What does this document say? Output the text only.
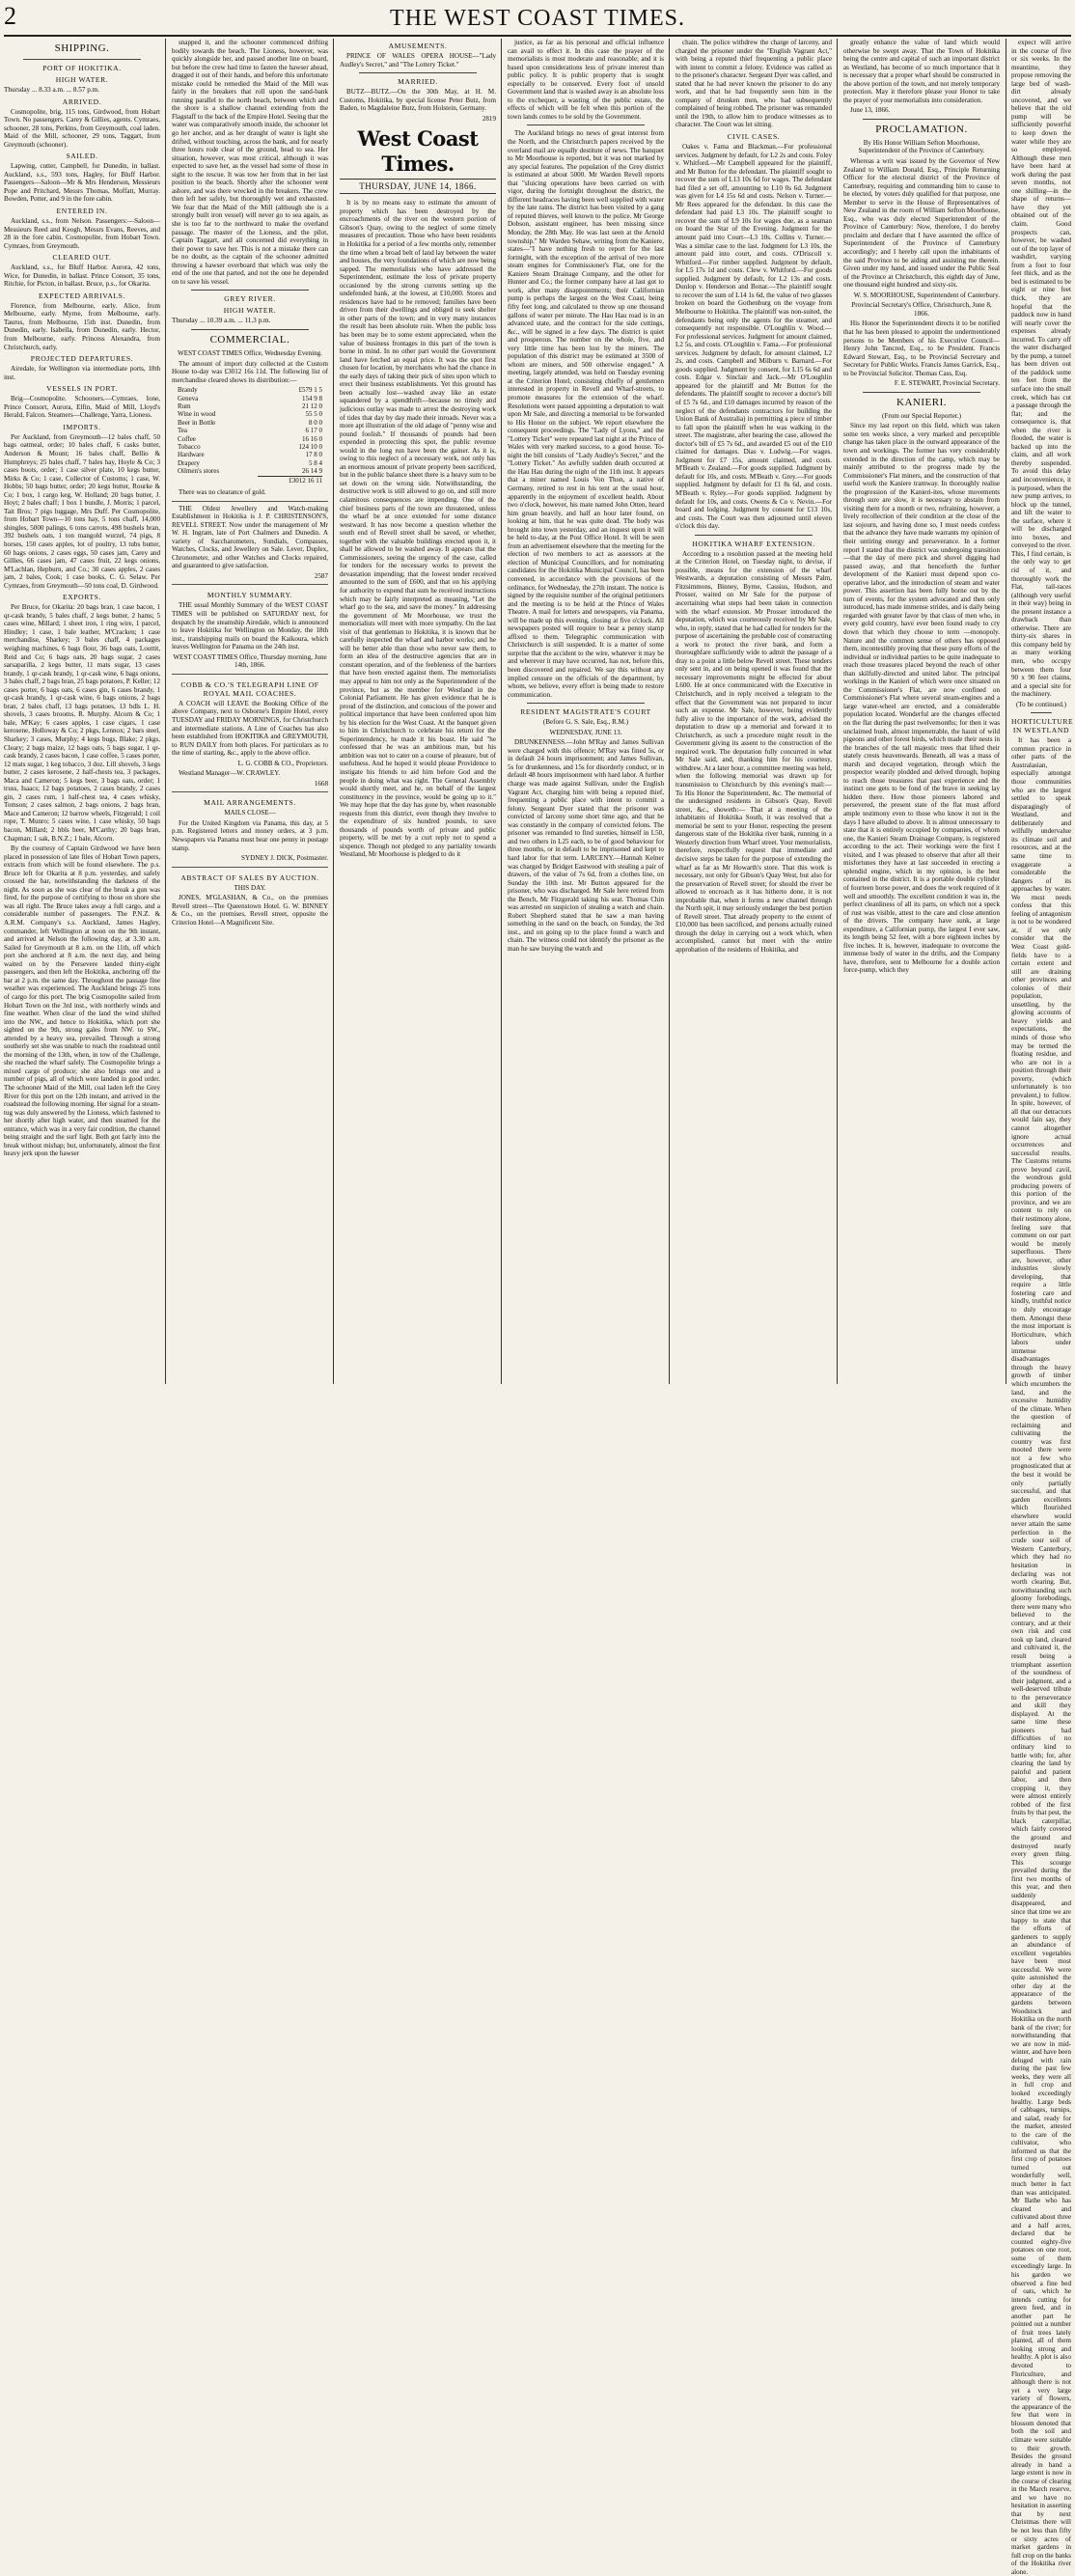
2	THE WEST COAST TIMES.
SHIPPING.
PORT OF HOKITIKA.
HIGH WATER.

Thursday ... 8.33 a.m. ... 8.57 p.m.

ARRIVED.

Cosmopolite, brig, 115 tons, Girdwood, from Hobart Town. No passengers. Carey & Gillies, agents. Cymraes, schooner, 28 tons, Perkins, from Greymouth, coal laden. Maid of the Mill, schooner, 29 tons, Taggart, from Greymouth (schooner).

SAILED.

Lapwing, cutter, Campbell, for Dunedin, in ballast. Auckland, s.s., 593 tons, Hagley, for Bluff Harbor. Passengers—Saloon—Mr & Mrs Henderson, Messieurs Pope and Pritchard, Messrs Thomas, Moffatt, Murray. Bowden, Potter, and 9 in the fore cabin.

ENTERED IN.

Auckland, s.s., from Nelson. Passengers:—Saloon—Messieurs Reed and Keogh, Messrs Evans, Reeves, and 28 in the fore cabin. Cosmopolite, from Hobart Town. Cymraes, from Greymouth.

CLEARED OUT.

Auckland, s.s., for Bluff Harbor. Aurora, 42 tons, Wice, for Dunedin, in ballast. Prince Consort, 35 tons, Ritchie, for Picton, in ballast. Bruce, p.s., for Okarita.

EXPECTED ARRIVALS.

Florence, from Melbourne, early. Alice, from Melbourne, early. Myrne, from Melbourne, early. Taurus, from Melbourne, 15th inst. Dunedin, from Dunedin, early. Isabella, from Dunedin, early. Hector, from Melbourne, early. Princess Alexandra, from Christchurch, early.

PROJECTED DEPARTURES.

Airedale, for Wellington via intermediate ports, 18th inst.

VESSELS IN PORT.

Brig—Cosmopolite. Schooners.—Cymraes, Ione, Prince Consort, Aurora, Elfin, Maid of Mill, Lloyd's Herald, Falcon. Steamers—Challenge, Yarra, Lioness.

IMPORTS.

Per Auckland, from Greymouth—12 bales chaff, 50 bags oatmeal, order; 10 bales chaff, 6 casks butter, Anderson & Mount; 16 bales chaff, Bellio & Humphreys; 25 bales chaff, 7 bales hay, Hoyle & Co; 3 cases boots, order; 1 case silver plate, 10 kegs butter, Mirks & Co; 1 case, Collector of Customs; 1 case, W. Hobbs; 50 bags butter, order; 20 kegs butter, Rourke & Co; 1 box, 1 cargo keg, W. Holland; 20 bags butter, J. Hoyt; 2 bales chaff; 1 box 1 bundle, J. Morris; 1 parcel, Tait Bros; 7 pigs luggage, Mrs Duff. Per Cosmopolite, from Hobart Town—10 tons hay, 5 tons chaff, 14,000 shingles, 5000 palings, 6 tons carrots, 498 bushels bran, 392 bushels oats, 1 ton mangold wurzel, 74 pigs, 8 horses, 150 cases apples, lot of poultry, 13 tubs butter, 60 bags onions, 2 cases eggs, 50 cases jam, Carey and Gillies, 66 cases jam, 47 cases fruit, 22 kegs onions, M'Lachlan, Hepburn, and Co.; 30 cases apples, 2 cases jam, 2 bales, Cook; 1 case books, C. G. Selaw. Per Cymraes, from Greymouth—50 tons coal, D. Girdwood.

EXPORTS.

Per Bruce, for Okarita: 20 bags bran, 1 case bacon, 1 qr-cask brandy, 5 bales chaff, 2 kegs butter, 2 hams; 5 cases wine, Millard; 1 sheet iron, 1 ring wire, 1 parcel, Hindley; 1 case, 1 bale leather, M'Cracken; 1 case merchandise, Sharkey; 3 bales chaff, 4 packages weighing machines, 6 bags flour, 36 bags oats, Louttit, Reid and Co; 6 bags oats, 20 bags sugar, 2 cases sarsaparilla, 2 kegs butter, 11 mats sugar, 13 cases brandy, 1 qr-cask brandy, 1 qr-cask wine, 6 bags onions, 3 bales chaff, 2 bags bran, 25 bags potatoes, P. Keller; 12 cases porter, 6 bags oats, 6 cases gin, 6 cases brandy, 1 qr-cask brandy, 1 qr-cask wine, 6 bags onions, 2 bags bran, 2 bales chaff, 13 bags potatoes, 13 bdls L. H. shovels, 3 cases brooms, R. Murphy. Alcorn & Co; 1 bale, M'Kay; 6 cases apples, 1 case cigars, 1 case kerosene, Holloway & Co; 2 pkgs, Lennox; 2 bars steel, Sharkey; 3 cases, Murphy; 4 kegs bugs, Blake; 2 pkgs, Cleary; 2 bags maize, 12 bags oats, 5 bags sugar, 1 qr-cask brandy, 2 cases bacon, 1 case coffee, 5 cases porter, 12 mats sugar, 1 keg tobacco, 3 doz. Lill shovels, 3 kegs butter, 2 cases kerosene, 2 half-chests tea, 3 packages, Maca and Cameron; 5 kegs beer, 3 bags oats, order; 1 truss, Isaacs; 12 bags potatoes, 2 cases brandy, 2 cases gin, 2 cases rum, 1 half-chest tea, 4 cases whisky, Tomson; 2 cases salmon, 2 bags onions, 2 bags bran, Mace and Cameron; 12 barrow wheels, Fitzgerald; 1 coil rope, T. Munro; 5 cases wine, 1 case whisky, 50 bags bacon, Millard; 2 bbls beer, M'Carthy; 20 bags bran, Chapman; 1 sak, B.N.Z.; 1 bale, Alcorn.

By the courtesy of Captain Girdwood we have been placed in possession of late files of Hobart Town papers, extracts from which will be found elsewhere. The p.s. Bruce left for Okarita at 8 p.m. yesterday, and safely crossed the bar, notwithstanding the darkness of the night. As soon as she was clear of the break a gun was fired, for the purpose of certifying to those on shore she was all right. The Bruce takes away a full cargo, and a considerable number of passengers. The P.N.Z. & A.R.M. Company's s.s. Auckland, James Hagley, commander, left Wellington at noon on the 9th instant, and arrived at Nelson the following day, at 3.30 a.m. Sailed for Greymouth at 8 a.m. on the 11th, off which port she anchored at 8 a.m. the next day, and being waited on by the Persevere landed thirty-eight passengers, and then left the Hokitika, anchoring off the bar at 2 p.m. the same day. Throughout the passage fine weather was experienced. The Auckland brings 25 tons of cargo for this port. The brig Cosmopolite sailed from Hobart Town on the 3rd inst., with northerly winds and fine weather. When clear of the land the wind shifted into the NW., and hence to Hokitika, which port she sighted on the 9th, strong gales from NW. to SW., attended by a heavy sea, prevailed. Through a strong southerly set she was unable to reach the roadstead until the morning of the 13th, when, in tow of the Challenge, she reached the wharf safely. The Cosmopolite brings a mixed cargo of produce; she also brings one and a number of pigs, all of which were landed in good order. The schooner Maid of the Mill, coal laden left the Grey River for this port on the 12th instant, and arrived in the roadstead the following morning. Her signal for a steam-tug was duly answered by the Lioness, which fastened to her shortly after high water, and then steamed for the entrance, which was in a very fair condition, the channel being straight and the surf light. Both got fairly into the break without mishap; but, unfortunately, almost the first heavy jerk upon the hawser

snapped it, and the schooner commenced drifting bodily towards the beach. The Lioness, however, was quickly alongside her, and passed another line on board, but before the crew had time to fasten the hawser ahead, dragged it out of their hands, and before this unfortunate mistake could be remedied the Maid of the Mill was fairly in the breakers that roll upon the sand-bank running parallel to the north beach, between which and the shore is a shallow channel extending from the Flagstaff to the back of the Empire Hotel. Seeing that the water was comparatively smooth inside, the schooner let go her anchor, and as her draught of water is light she drifted, without touching, across the bank, and for nearly three hours rode clear of the ground, head to sea. Her situation, however, was most critical, although it was expected to save her, as the vessel had some of those in sight to the rescue. It was tow her from that in her last position to the beach. Shortly after the schooner went ashore, and was there wrecked in the breakers. The crew then left her safely, but thoroughly wet and exhausted. We fear that the Maid of the Mill (although she is a strongly built iron vessel) will never go to sea again, as she is too far to the northward to make the overland passage. The master of the Lioness, and the pilot, Captain Taggart, and all concerned did everything in their power to save her. This is not a mistake there can be no doubt, as the captain of the schooner admitted throwing a hawser overboard that which was only the end of the one that parted, and not the one he depended on to save his vessel.

GREY RIVER.
HIGH WATER.

Thursday ... 10.39 a.m. ... 11.3 p.m.

COMMERCIAL.

WEST COAST TIMES Office, Wednesday Evening.

The amount of import duty collected at the Custom House to-day was £3012 16s 11d. The following list of merchandise cleared shows its distribution:—

Brandy	£579 1 5
Geneva	154 9 8
Rum	21 12 0
Wine in wood	55 5 0
Beer in Bottle	8 0 0
Tea	6 17 0
Coffee	16 16 0
Tobacco	124 10 0
Hardware	17 8 0
Drapery	5 8 4
Oilmen's stores	26 14 9
	£3012 16 11

There was no clearance of gold.

THE Oldest Jewellery and Watch-making Establishment in Hokitika is J. P. CHRISTENSON'S, REVELL STREET. Now under the management of Mr W. H. Ingram, late of Port Chalmers and Dunedin. A variety of Saccharometers, Sundials, Compasses, Watches, Clocks, and Jewellery on Sale. Lever, Duplex, Chronometer, and other Watches and Clocks repaired, and guaranteed to give satisfaction.

2587

MONTHLY SUMMARY.

THE usual Monthly Summary of the WEST COAST TIMES will be published on SATURDAY next, for despatch by the steamship Airedale, which is announced to leave Hokitika for Wellington on Monday, the 18th inst., transhipping mails on board the Kaikoura, which leaves Wellington for Panama on the 24th inst.

WEST COAST TIMES Office, Thursday morning, June 14th, 1866.

COBB & CO.'S TELEGRAPH LINE OF ROYAL MAIL COACHES.

A COACH will LEAVE the Booking Office of the above Company, next to Osborne's Empire Hotel, every TUESDAY and FRIDAY MORNINGS, for Christchurch and intermediate stations. A Line of Coaches has also been established from HOKITIKA and GREYMOUTH, to RUN DAILY from both places. For particulars as to the time of starting, &c., apply to the above office.

L. G. COBB & CO., Proprietors.

Westland Manager—W. CRAWLEY.

1668

MAIL ARRANGEMENTS.

MAILS CLOSE—

For the United Kingdom via Panama, this day, at 5 p.m. Registered letters and money orders, at 3 p.m. Newspapers via Panama must bear one penny in postage stamp.

SYDNEY J. DICK, Postmaster.

ABSTRACT OF SALES BY AUCTION.

THIS DAY.

JONES, M'GLASHAN, & Co., on the premises Revell street—The Queenstown Hotel. G. W. BINNEY & Co., on the premises, Revell street, opposite the Criterion Hotel—A Magnificent Site.

AMUSEMENTS.

PRINCE OF WALES OPERA HOUSE—"Lady Audley's Secret," and "The Lottery Ticket."

MARRIED.

BUTZ—BUTZ.—On the 30th May, at H. M. Customs, Hokitika, by special license Peter Butz, from Baden, to Magdaleine Butz, from Holstein, Germany.

2819

West Coast Times.
THURSDAY, JUNE 14, 1866.

It is by no means easy to estimate the amount of property which has been destroyed by the encroachments of the river on the western portion of Gibson's Quay, owing to the neglect of some timely measures of precaution. Those who have been residents in Hokitika for a period of a few months only, remember the time when a broad belt of land lay between the water and houses, the very foundations of which are now being sapped. The memorialists who have addressed the Superintendent, estimate the loss of private property occasioned by the strong currents setting up the undefended bank, at the lowest, at £10,000. Stores and residences have had to be removed; families have been driven from their dwellings and obliged to seek shelter in other parts of the town; and in very many instances the result has been absolute ruin. When the public loss has been may be to some extent appreciated, when the value of business frontages in this part of the town is borne in mind. In no other part would the Government land have fetched an equal price. It was the spot first chosen for location, by merchants who had the chance in the early days of taking their pick of sites upon which to erect their business establishments. Yet this ground has been actually lost—washed away like an estate squandered by a spendthrift—because no timely and judicious outlay was made to arrest the destroying work of tides that day by day made their inroads. Never was a more apt illustration of the old adage of "penny wise and pound foolish." If thousands of pounds had been expended in protecting this spot, the public revenue would in the long run have been the gainer. As it is, owing to this neglect of a necessary work, not only has an enormous amount of private property been sacrificed, but in the public balance sheet there is a heavy sum to be set down on the wrong side. Notwithstanding, the destructive work is still allowed to go on, and still more calamitous consequences are impending. One of the chief business parts of the town are threatened, unless the wharf be at once extended for some distance westward. It has now become a question whether the south end of Revell street shall be saved, or whether, together with the valuable buildings erected upon it, it shall be allowed to be washed away. It appears that the Commissioners, seeing the urgency of the case, called for tenders for the necessary works to prevent the devastation impending; that the lowest tender received amounted to the sum of £600, and that on his applying for authority to expend that sum he received instructions which may be fairly interpreted as meaning, "Let the wharf go to the sea, and save the money." In addressing the government of Mr Moorhouse, we trust the memorialists will meet with more sympathy. On the last visit of that gentleman to Hokitika, it is known that he carefully inspected the wharf and harbor works; and he will be better able than those who never saw them, to form an idea of the destructive agencies that are in constant operation, and of the feebleness of the barriers that have been erected against them. The memorialists may appeal to him not only as the Superintendent of the province, but as the member for Westland in the Colonial Parliament. He has given evidence that he is proud of the distinction, and conscious of the power and political importance that have been conferred upon him by his election for the West Coast. At the banquet given to him in Christchurch to celebrate his return for the Superintendency, he made it his boast. He said "he confessed that he was an ambitious man, but his ambition was not to cater on a course of pleasure, but of usefulness. And he hoped it would please Providence to instigate his friends to aid him before God and the people in doing what was right. The General Assembly would shortly meet, and he, on behalf of the largest constituency in the province, would be going up to it." We may hope that the day has gone by, when reasonable requests from this district, even though they involve to the expenditure of six hundred pounds, to save thousands of pounds worth of private and public property, will be met by a curt reply not to spend a sixpence. Though not pledged to any partiality towards Westland, Mr Moorhouse is pledged to do it

justice, as far as his personal and official influence can avail to effect it. In this case the prayer of the memorialists is most moderate and reasonable; and it is based upon considerations less of private interest than public policy. It is public property that is sought especially to be conserved. Every foot of unsold Government land that is washed away is an absolute loss to the exchequer, a wasting of the public estate, the effects of which will be felt when this portion of the town lands comes to be sold by the Government.

The Auckland brings no news of great interest from the North, and the Christchurch papers received by the overland mail are equally destitute of news. The banquet to Mr Moorhouse is reported, but it was not marked by any special features. The population of the Grey district is estimated at about 5000. Mr Warden Revell reports that "sluicing operations have been carried on with vigor, during the fortnight throughout the district, the different headraces having been well supplied with water by the late rains. The district has been visited by a gang of reputed thieves, well known to the police. Mr George Dobson, assistant engineer, has been missing since Monday, the 28th May. He was last seen at the Arnold township." Mr Warden Sehaw, writing from the Kaniere, states—"I have nothing fresh to report for the last fortnight, with the exception of the arrival of two more steam engines for Commissioner's Flat, one for the Kaniere Steam Drainage Company, and the other for Hunter and Co.; the former company have at last got to work, after many disappointments; their Californian pump is perhaps the largest on the West Coast, being fifty feet long, and calculated to throw up one thousand gallons of water per minute. The Hau Hau road is in an advanced state, and the contract for the side cuttings, &c., will be signed in a few days. The district is quiet and prosperous. The number on the whole, five, and very little time has been lost by the miners. The population of this district may be estimated at 3500 of whom are miners, and 500 otherwise engaged." A meeting, largely attended, was held on Tuesday evening at the Criterion Hotel, consisting chiefly of gentlemen interested in property in Revell and Wharf-streets, to promote measures for the extension of the wharf. Resolutions were passed appointing a deputation to wait upon Mr Sale, and directing a memorial to be forwarded to His Honor on the subject. We report elsewhere the consequent proceedings. The "Lady of Lyons," and the "Lottery Ticket" were repeated last night at the Prince of Wales with very marked success, to a good house. To-night the bill consists of "Lady Audley's Secret," and the "Lottery Ticket." An awfully sudden death occurred at the Hau Hau during the night of the 11th inst. It appears that a miner named Louis Von Thon, a native of Germany, retired to rest in his tent at the usual hour, apparently in the enjoyment of excellent health. About two o'clock, however, his mate named John Otten, heard him groan heavily, and half an hour later found, on looking at him, that he was quite dead. The body was brought into town yesterday, and an inquest upon it will be held to-day, at the Post Office Hotel. It will be seen from an advertisement elsewhere that the meeting for the election of two members to act as assessors at the election of Municipal Councillors, and for nominating candidates for the Hokitika Municipal Council, has been convened, in accordance with the provisions of the ordinance, for Wednesday, the 27th instant. The notice is signed by the requisite number of the original petitioners and the meeting is to be held at the Prince of Wales Theatre. A mail for letters and newspapers, via Panama, will be made up this evening, closing at five o'clock. All newspapers posted will require to bear a penny stamp affixed to them. Telegraphic communication with Christchurch is still suspended. It is a matter of some surprise that the accident to the wire, whatever it may be and wherever it may have occurred, has not, before this, been discovered and repaired. We say this without any implied censure on the officials of the department, by whom, we believe, every effort is being made to restore communication.

RESIDENT MAGISTRATE'S COURT

(Before G. S. Sale, Esq., R.M.)

WEDNESDAY, JUNE 13.

DRUNKENNESS.—John M'Ray and James Sullivan were charged with this offence; M'Ray was fined 5s, or in default 24 hours imprisonment; and James Sullivan, 5s for drunkenness, and 15s for disorderly conduct, or in default 48 hours imprisonment with hard labor. A further charge was made against Sullivan, under the English Vagrant Act, charging him with being a reputed thief, frequenting a public place with intent to commit a felony. Sergeant Dyer stated that the prisoner was convicted of larceny some short time ago, and that he was constantly in the company of convicted felons. The prisoner was remanded to find sureties, himself in L50, and two others in L25 each, to be of good behaviour for three months, or in default to be imprisoned and kept to hard labor for that term. LARCENY.—Hannah Kelner was charged by Bridget Eastwood with stealing a pair of drawers, of the value of 7s 6d, from a clothes line, on Sunday the 10th inst. Mr Button appeared for the prisoner, who was discharged. Mr Sale here retired from the Bench, Mr Fitzgerald taking his seat. Thomas Chin was arrested on suspicion of stealing a watch and chain. Robert Shepherd stated that he saw a man having something in the sand on the beach, on Sunday, the 3rd inst., and on going up to the place found a watch and chain. The witness could not identify the prisoner as the man he saw burying the watch and

chain. The police withdrew the charge of larceny, and charged the prisoner under the "English Vagrant Act," with being a reputed thief frequenting a public place with intent to commit a felony. Evidence was called as to the prisoner's character. Sergeant Dyer was called, and stated that he had never known the prisoner to do any work, and that he had frequently seen him in the company of drunken men, who had subsequently complained of being robbed. The prisoner was remanded until the 19th, to allow him to produce witnesses as to character. The Court was let sitting.

CIVIL CASES.

Oakes v. Fama and Blackman.—For professional services. Judgment by default, for L2 2s and costs. Foley v. Whitford.—Mr Campbell appeared for the plaintiff, and Mr Button for the defendant. The plaintiff sought to recover the sum of L13 10s 6d for wages. The defendant had filed a set off, amounting to L10 0s 6d. Judgment was given for L4 15s 6d and costs. Nelson v. Turner.—Mr Rees appeared for the defendant. In this case the defendant had paid L3 10s. The plaintiff sought to recover the sum of L9 10s for wages due, as a seaman on board the Star of the Evening. Judgment for the amount paid into Court—L3 10s. Collins v. Turner.—Was a similar case to the last. Judgment for L3 10s, the amount paid into court, and costs. O'Driscoll v. Whitford.—For timber supplied. Judgment by default, for L5 17s 1d and costs. Clew v. Whitford.—For goods supplied. Judgment by default, for L2 13s and costs. Dunlop v. Henderson and Bonar.—The plaintiff sought to recover the sum of L14 1s 6d, the value of two glasses broken on board the Gothenburg on the voyage from Melbourne to Hokitika. The plaintiff was non-suited, the defendants being only the agents for the steamer, and consequently not responsible. O'Loughlin v. Wood.—For professional services. Judgment for amount claimed, L2 5s, and costs. O'Loughlin v. Fama.—For professional services. Judgment by default, for amount claimed, L2 2s, and costs. Campbell and Milburn v. Barnard.—For goods supplied. Judgment by consent, for L15 6s 6d and costs. Edgar v. Sinclair and Jack.—Mr O'Loughlin appeared for the plaintiff and Mr Button for the defendants. The plaintiff sought to recover a doctor's bill of £5 7s 6d., and £10 damages incurred by reason of the neglect of the defendants contractors for building the Union Bank of Australia) in permitting a piece of timber to fall upon the plaintiff when he was walking in the street. The magistrate, after hearing the case, allowed the doctor's bill of £5 7s 6d., and awarded £5 out of the £10 claimed for damages. Dias v. Ludwig.—For wages. Judgment for £7 15s, amount claimed, and costs. M'Beath v. Zealand.—For goods supplied. Judgment by default for 10s, and costs. M'Beath v. Grey.—For goods supplied. Judgment by default for £1 8s 6d, and costs. M'Beath v. Ryley.—For goods supplied. Judgment by default for 10s, and costs. Owens & Co v. Nevin.—For board and lodging. Judgment by consent for £13 10s, and costs. The Court was then adjourned until eleven o'clock this day.

HOKITIKA WHARF EXTENSION.

According to a resolution passed at the meeting held at the Criterion Hotel, on Tuesday night, to devise, if possible, means for the extension of the wharf Westwards, a deputation consisting of Messrs Palm, Fitzsimmons, Binney, Byrne, Cassius, Hudson, and Prosser, waited on Mr Sale for the purpose of ascertaining what steps had been taken in connection with the wharf extension. Mr Prosser introduced the deputation, which was courteously received by Mr Sale, who, in reply, stated that he had called for tenders for the purpose of ascertaining the probable cost of constructing a work to protect the river bank, and form a thoroughfare sufficiently wide to admit the passage of a dray to a point a little below Revell street. These tenders only sent in, and on being opened it was found that the necessary improvements might be effected for about L600. He at once communicated with the Executive in Christchurch, and in reply received a telegram to the effect that the Government was not prepared to incur such an expense. Mr Sale, however, being evidently fully alive to the importance of the work, advised the deputation to draw up a memorial and forward it to Christchurch, as such a procedure might result in the Government giving its assent to the construction of the required work. The deputation fully concurred in what Mr Sale said, and, thanking him for his courtesy, withdrew. At a later hour, a committee meeting was held, when the following memorial was drawn up for transmission to Christchurch by this evening's mail:— To His Honor the Superintendent, &c. The memorial of the undersigned residents in Gibson's Quay, Revell street, &c., showeth:— That at a meeting of the inhabitants of Hokitika South, it was resolved that a memorial be sent to your Honor, respecting the present dangerous state of the Hokitika river bank, running in a Westerly direction from Wharf street. Your memorialists, therefore, respectfully request that immediate and decisive steps be taken for the purpose of extending the wharf as far as Mr Howarth's store. That this work is necessary, not only for Gibson's Quay West, but also for the preservation of Revell street; for should the river be allowed to encroach as it has hitherto done, it is not improbable that, when it forms a new channel through the North spit, it may seriously endanger the best portion of Revell street. That already property to the extent of £10,000 has been sacrificed, and persons actually ruined through the delay in carrying out a work which, when accomplished, cannot but meet with the entire approbation of the residents of Hokitika, and

greatly enhance the value of land which would otherwise be swept away. That the Town of Hokitika being the centre and capital of such an important district as Westland, has become of so much importance that it is necessary that a proper wharf should be constructed in the above portion of the town, and not merely temporary protection. May it therefore please your Honor to take the prayer of your memorialists into consideration.

June 13, 1866.

PROCLAMATION.

By His Honor William Sefton Moorhouse, Superintendent of the Province of Canterbury.

Whereas a writ was issued by the Governor of New Zealand to William Donald, Esq., Principle Returning Officer for the electoral district of the Province of Canterbury, requiring and commanding him to cause to be elected, by voters duly qualified for that purpose, one Member to serve in the House of Representatives of New Zealand in the room of William Sefton Moorhouse, Esq., who was duly elected Superintendent of the Province of Canterbury: Now, therefore, I do hereby proclaim and declare that I have assented the office of Superintendent of the Province of Canterbury accordingly; and I hereby call upon the inhabitants of the said Province to be aiding and assisting me therein. Given under my hand, and issued under the Public Seal of the Province at Christchurch, this eighth day of June, one thousand eight hundred and sixty-six.

W. S. MOORHOUSE, Superintendent of Canterbury.

Provincial Secretary's Office, Christchurch, June 8, 1866.

His Honor the Superintendent directs it to be notified that he has been pleased to appoint the undermentioned persons to be Members of his Executive Council— Henry John Tancred, Esq., to be President. Francis Edward Stewart, Esq., to be Provincial Secretary and Secretary for Public Works. Francis James Garrick, Esq., to be Provincial Solicitor. Thomas Cass, Esq.

F. E. STEWART, Provincial Secretary.

KANIERI.

(From our Special Reporter.)

Since my last report on this field, which was taken some ten weeks since, a very marked and perceptible change has taken place in the outward appearance of the town and workings. The former has very considerably extended in the direction of the camp, which may be mainly attributed to the progress made by the Commissioner's Flat miners, and the construction of that useful work the Kaniere tramway. In thoroughly realise the progression of the Kanieri-ites, whose movements through sure are slow, it is necessary to abstain from visiting them for a month or two, refraining, however, a lively recollection of their condition at the close of the last sojourn, and having done so, I must needs confess that the advance they have made warrants my opinion of their untiring energy and perseverance. In a former report I stated that the district was undergoing transition—that the day of mere pick and shovel digging had passed away, and that henceforth the further development of the Kanieri must depend upon co-operative labor, and the introduction of steam and water power. This assertion has been fully borne out by the turn of events, for the system advocated and then only introduced, has made immense strides, and is daily being regarded with greater favor by that class of men who, in every gold country, have ever been found ready to cry down that which they choose to term —monopoly. Nature and the common sense of others has opposed them, incontestibly proving that these puny efforts of the individual or individual parties to be quite inadequate to reach those treasures placed beyond the reach of other than skilfully-directed and united labor. The principal workings in the Kanieri of which were once situated on the Commissioner's Flat, are now confined on Commissioner's Flat where several steam-engines and a large water-wheel are erected, and a considerable population located. Wonderful are the changes effected on the flat during the past twelvemonths; for then it was unclaimed bush, almost impenetrable, the haunt of wild pigeons and other forest birds, which made their nests in the branches of the tall majestic trees that lifted their stately crests heavenwards. Beneath, all was a mass of marsh and decayed vegetation, through which the prospector wearily plodded and delved through, hoping to reach those treasures that past experience and the instinct one gets to be fond of the brave in seeking lay hidden there. How those pioneers labored and persevered, the present state of the flat must afford ample testimony even to those who know it not in the days I have alluded to above. It is almost unnecessary to state that it is entirely occupied by companies, of whom one, the Kanieri Steam Drainage Company, is registered according to the act. Their workings were the first I visited, and I was pleased to observe that after all their misfortunes they have at last succeeded in erecting a splendid engine, which in my opinion, is the best contained in the district. It is a portable double cylinder of fourteen horse power, and does the work required of it well and smoothly. The excellent condition it was in, the perfect cleanliness of all its parts, on which not a speck of rust was visible, attest to the care and close attention of the drivers. The company have sunk, at large expenditure, a Californian pump, the largest I ever saw, its length being 52 feet, with a bore eighteen inches by five inches. It is, however, inadequate to overcome the immense body of water in the drifts, and the Company have, therefore, sent to Melbourne for a double action force-pump, which they

expect will arrive in the course of five or six weeks. In the meantime, they propose removing the large bed of wash-dirt already uncovered, and we believe that the old pump will be sufficiently powerful to keep down the water while they are so employed. Although these men have been hard at work during the past seven months, not one shilling—in the shape of returns—have they yet obtained out of the claim. Good prospects can, however, be washed out of the top layer of washdirt, varying from a foot to four feet thick, and as the bed is estimated to be eight or nine feet thick, they are hopeful that the paddock now in hand will nearly cover the expenses already incurred. To carry off the water discharged by the pump, a tunnel has been driven out of the paddock some ten feet from the surface into the small creek, which has cut a passage through the flat; and the consequence is, that when the river is flooded, the water is backed up into the claim, and all work thereby suspended. To avoid this delay and inconvenience, it is purposed, when the new pump arrives, to block up the tunnel, and lift the water to the surface, where it will be discharged into boxes, and conveyed to the river. This, I find certain, is the only way to get rid of it, and thoroughly work the Flat, tail-races (although very useful in their way) being in the present instance a drawback than otherwise. There are thirty-six shares in this company held by as many working men, who occupy between them four 90 x 90 feet claims, and a special site for the machinery.

(To be continued.)

HORTICULTURE IN WESTLAND

It has been a common practice in other parts of the Australasian, especially amongst those communities who are the largest settled to speak disparagingly of Westland, and deliberately and wilfully undervalue its climate soil and resources, and at the same time to exaggerate a considerable the dangers of its approaches by water. We must needs confess that this feeling of antagonism is not to be wondered at, if we only consider that the West Coast gold-fields have to a certain extent and still are draining other provinces and colonies of their population, unsettling, by the glowing accounts of heavy yields and expectations, the minds of those who may be termed the floating residue, and who are not in a position through their poverty, (which unfortunately is too prevalent,) to follow. In spite, however, of all that our detractors would fain say, they cannot altogether ignore actual occurrences and successful results. The Customs returns prove beyond cavil, the wondrous gold producing powers of this portion of the province, and we are content to rely on their testimony alone, feeling sure that comment on our part would be merely superfluous. There are, however, other industries slowly developing, that require a little fostering care and kindly, truthful notice to duly encourage them. Amongst these the most important is Horticulture, which labors under immense disadvantages through the heavy growth of timber which encumbers the land, and the excessive humidity of the climate. When the question of reclaiming and cultivating the country was first mooted there were not a few who prognosticated that at the best it would be only partially successful, and that garden excellents which flourished elsewhere would never attain the same perfection in the crude sour soil of Western Canterbury, which they had no hesitation in declaring was not worth clearing. But, notwithstanding such gloomy forebodings, there were many who believed to the contrary, and at their own risk and cost took up land, cleared and cultivated it, the result being a triumphant assertion of the soundness of their judgment, and a well-deserved tribute to the perseverance and skill they displayed. At the same time these pioneers had difficulties of no ordinary kind to battle with; for, after clearing the land by painful and patient labor, and then cropping it, they were almost entirely robbed of the first fruits by that pest, the black caterpillar, which fairly covered the ground and destroyed nearly every green thing. This scourge prevailed during the first two months of this year, and then suddenly disappeared, and since that time we are happy to state that the efforts of gardeners to supply an abundance of excellent vegetables have been most successful. We were quite astonished the other day at the appearance of the gardens between Woodstock and Hokitika on the north bank of the river; for notwithstanding that we are now in mid-winter, and have been deluged with rain during the past few weeks, they were all in full crop and looked exceedingly healthy. Large beds of cabbages, turnips, and salad, ready for the market, attested to the care of the cultivator, who informed us that the first crop of potatoes turned out wonderfully well, much better in fact than was anticipated. Mr Bathe who has cleared and cultivated about three and a half acres, declared that he counted eighty-five potatoes on one root, some of them exceedingly large. In his garden we observed a fine bed of oats, which he intends cutting for green feed, and in another part he pointed out a number of fruit trees lately planted, all of them looking strong and healthy. A plot is also devoted to Floriculture, and although there is not yet a very large variety of flowers, the appearance of the few that were in blossom denoted that both the soil and climate were suitable to their growth. Besides the ground already in hand a large extent is now in the course of clearing in the March reserve, and we have no hesitation in asserting that by next Christmas there will be not less than fifty or sixty acres of market gardens in full crop on the banks of the Hokitika river alone.
